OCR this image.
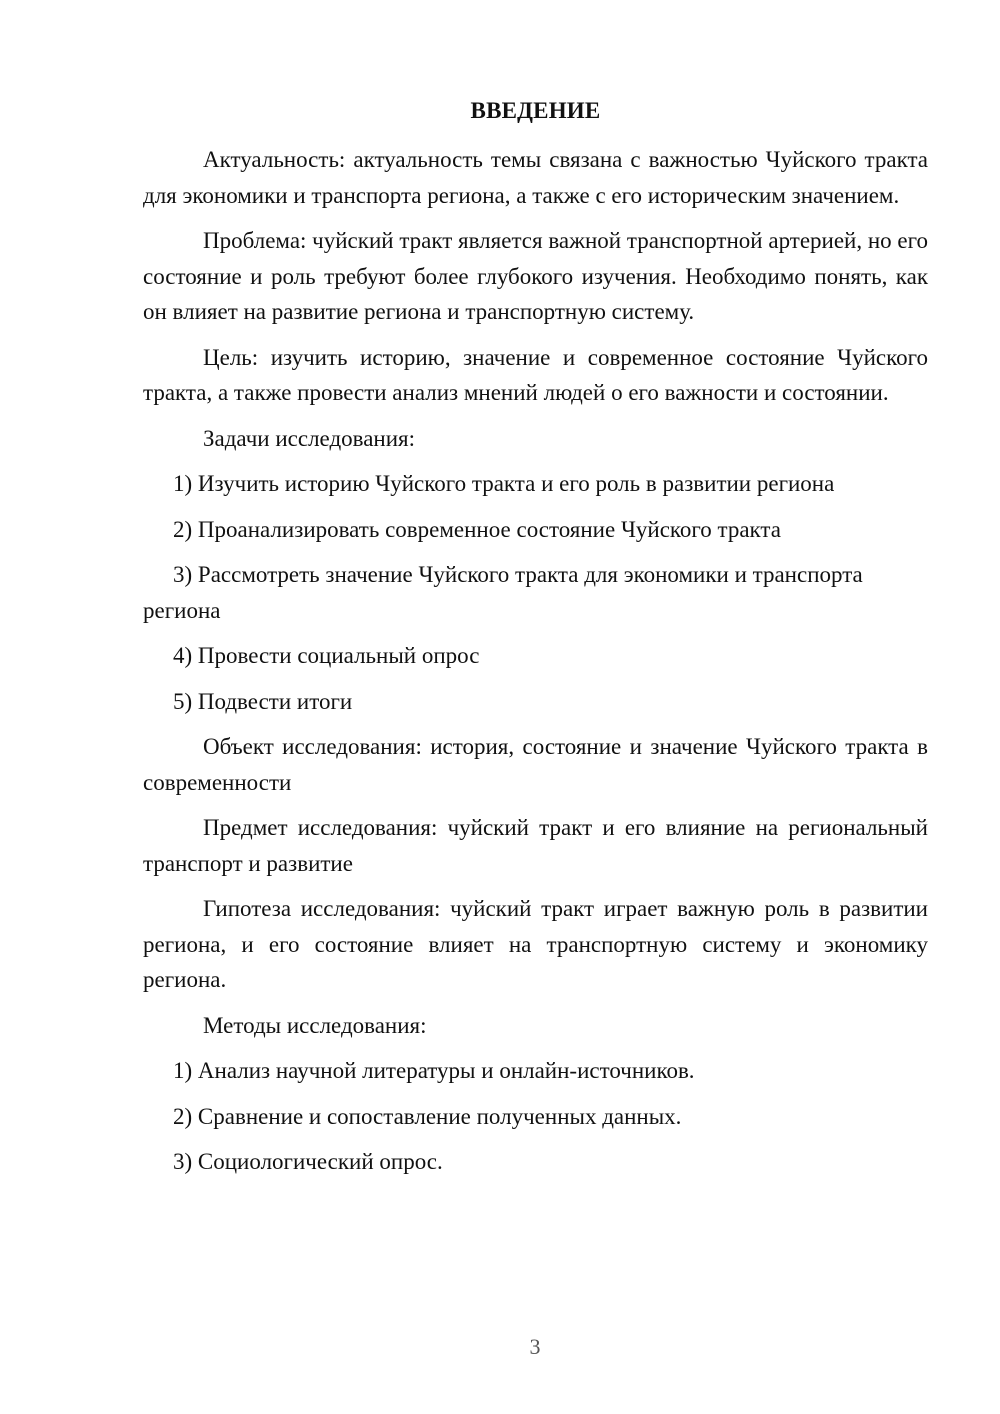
ВВЕДЕНИЕ

Актуальность: актуальность темы связана с важностью Чуйского тракта для экономики и транспорта региона, а также с его историческим значением.

Проблема: чуйский тракт является важной транспортной артерией, но его состояние и роль требуют более глубокого изучения. Необходимо понять, как он влияет на развитие региона и транспортную систему.

Цель: изучить историю, значение и современное состояние Чуйского тракта, а также провести анализ мнений людей о его важности и состоянии.

Задачи исследования:

1) Изучить историю Чуйского тракта и его роль в развитии региона

2) Проанализировать современное состояние Чуйского тракта

3) Рассмотреть значение Чуйского тракта для экономики и транспорта региона

4) Провести социальный опрос

5) Подвести итоги

Объект исследования: история, состояние и значение Чуйского тракта в современности

Предмет исследования: чуйский тракт и его влияние на региональный транспорт и развитие

Гипотеза исследования: чуйский тракт играет важную роль в развитии региона, и его состояние влияет на транспортную систему и экономику региона.

Методы исследования:

1) Анализ научной литературы и онлайн-источников.

2) Сравнение и сопоставление полученных данных.

3) Социологический опрос.

3
